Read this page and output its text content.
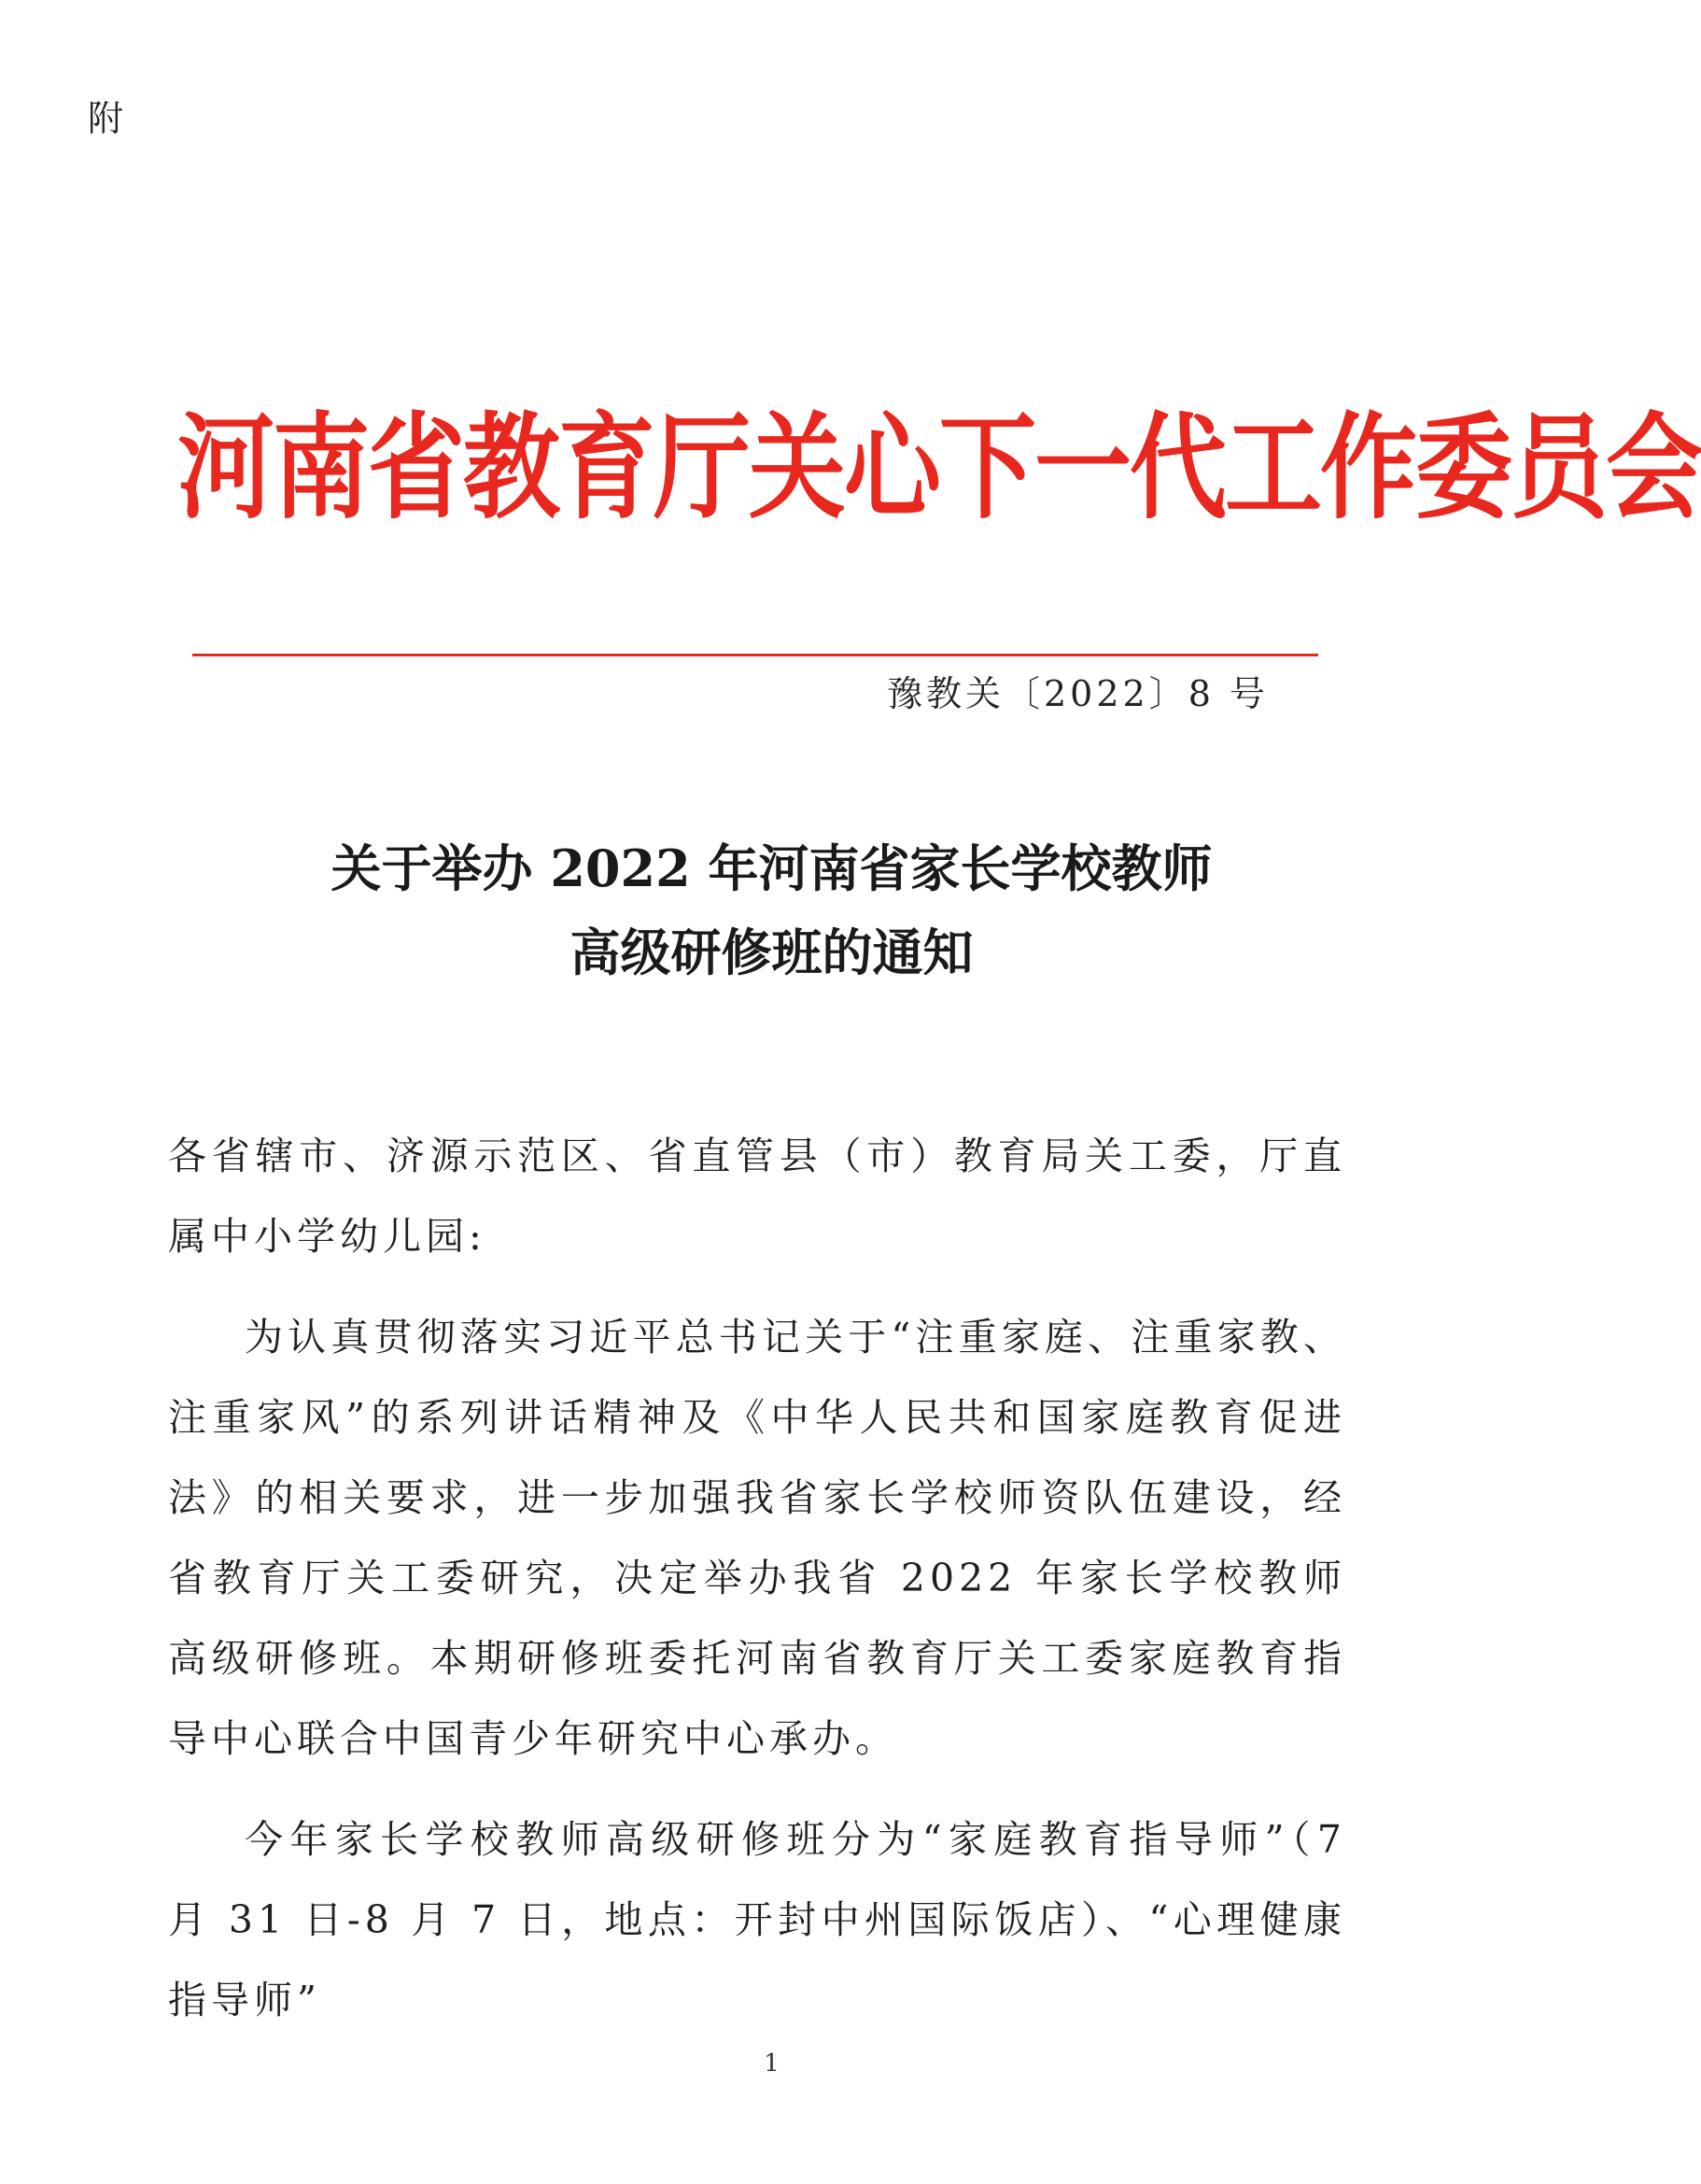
附
河南省教育厅关心下一代工作委员会
豫教关〔2022〕8 号
关于举办 2022 年河南省家长学校教师
高级研修班的通知

各省辖市、济源示范区、省直管县（市）教育局关工委，厅直属中小学幼儿园:

为认真贯彻落实习近平总书记关于“注重家庭、注重家教、注重家风”的系列讲话精神及《中华人民共和国家庭教育促进法》的相关要求，进一步加强我省家长学校师资队伍建设，经省教育厅关工委研究，决定举办我省 2022 年家长学校教师高级研修班。本期研修班委托河南省教育厅关工委家庭教育指导中心联合中国青少年研究中心承办。

今年家长学校教师高级研修班分为“家庭教育指导师”（7 月 31 日-8 月 7 日，地点：开封中州国际饭店）、“心理健康指导师”

1
